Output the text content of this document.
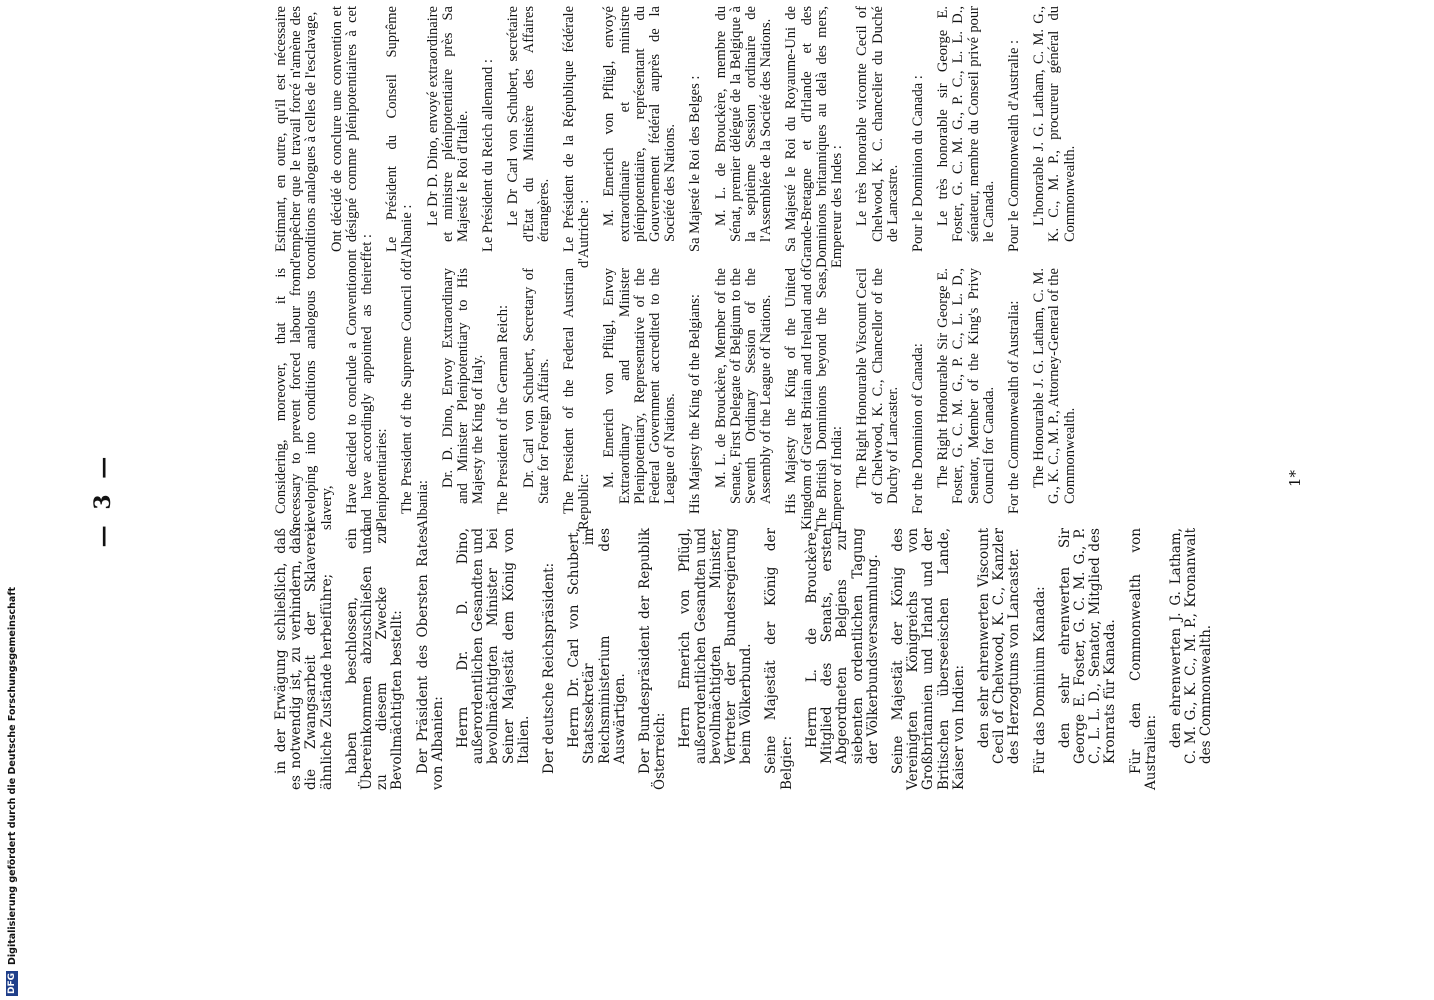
— 3 —

Estimant, en outre, qu'il est nécessaire d'empêcher que le travail forcé n'amène des conditions analogues à celles de l'esclavage, Ont décidé de conclure une convention et ont désigné comme plénipotentiaires à cet effet : Le Président du Conseil Suprême d'Albanie :

Le Dr D. Dino, envoyé extraordinaire et ministre plénipotentiaire près Sa Majesté le Roi d'Italie. Le Président du Reich allemand : Le Dr Carl von Schubert, secrétaire d'Etat du Ministère des Affaires étrangères. Le Président de la République fédérale d'Autriche :

M. Emerich von Pflügl, envoyé extraordinaire et ministre plénipotentiaire, représentant du Gouvernement fédéral auprès de la Société des Nations. Sa Majesté le Roi des Belges : M. L. de Brouckère, membre du Sénat, premier délégué de la Belgique à la septième Session ordinaire de l'Assemblée de la Société des Nations. Sa Majesté le Roi du Royaume-Uni de Grande-Bretagne et d'Irlande et des Dominions britanniques au delà des mers, Empereur des Indes : Le très honorable vicomte Cecil of Chelwood, K. C. chancelier du Duché de Lancastre. Pour le Dominion du Canada : Le très honorable sir George E. Foster, G. C. M. G., P. C., L. L. D., sénateur, membre du Conseil privé pour le Canada. Pour le Commonwealth d'Australie : L'honorable J. G. Latham, C. M. G., K. C., M. P., procureur général du Commonwealth.

Considering, moreover, that it is necessary to prevent forced labour from developing into conditions analogous to slavery, Have decided to conclude a Convention and have accordingly appointed as their Plenipotentiaries: The President of the Supreme Council of Albania:

Dr. D. Dino, Envoy Extraordinary and Minister Plenipotentiary to His Majesty the King of Italy. The President of the German Reich: Dr. Carl von Schubert, Secretary of State for Foreign Affairs. The President of the Federal Austrian Republic:

M. Emerich von Pflügl, Envoy Extraordinary and Minister Plenipotentiary, Representative of the Federal Government accredited to the League of Nations. His Majesty the King of the Belgians: M. L. de Brouckère, Member of the Senate, First Delegate of Belgium to the Seventh Ordinary Session of the Assembly of the League of Nations. His Majesty the King of the United Kingdom of Great Britain and Ireland and of The British Dominions beyond the Seas, Emperor of India: The Right Honourable Viscount Cecil of Chelwood, K. C., Chancellor of the Duchy of Lancaster. For the Dominion of Canada: The Right Honourable Sir George E. Foster, G. C. M. G., P. C., L. L. D., Senator, Member of the King's Privy Council for Canada. For the Commonwealth of Australia: The Honourable J. G. Latham, C. M. G., K. C., M. P., Attorney-General of the Commonwealth.

in der Erwägung schließlich, daß es notwendig ist, zu verhindern, daß die Zwangsarbeit der Sklaverei ähnliche Zustände herbeiführe; haben beschlossen, ein Übereinkommen abzuschließen und zu diesem Zwecke zu Bevollmächtigten bestellt: Der Präsident des Obersten Rates von Albanien: Herrn Dr. D. Dino, außerordentlichen Gesandten und bevollmächtigten Minister bei Seiner Majestät dem König von Italien. Der deutsche Reichspräsident: Herrn Dr. Carl von Schubert, Staatssekretär im Reichsministerium des Auswärtigen. Der Bundespräsident der Republik Österreich:

Herrn Emerich von Pflügl, außerordentlichen Gesandten und bevollmächtigten Minister, Vertreter der Bundesregierung beim Völkerbund. Seine Majestät der König der Belgier:

Herrn L. de Brouckère, Mitglied des Senats, ersten Abgeordneten Belgiens zur siebenten ordentlichen Tagung der Völkerbundsversammlung. Seine Majestät der König des Vereinigten Königreichs von Großbritannien und Irland und der Britischen überseeischen Lande, Kaiser von Indien: den sehr ehrenwerten Viscount Cecil of Chelwood, K. C., Kanzler des Herzogtums von Lancaster. Für das Dominium Kanada: den sehr ehrenwerten Sir George E. Foster, G. C. M. G., P. C., L. L. D., Senator, Mitglied des Kronrats für Kanada. Für den Commonwealth von Australien:

den ehrenwerten J. G. Latham, C. M. G., K. C., M. P., Kronanwalt des Commonwealth.

1*
DFG
Digitalisierung gefördert durch die Deutsche Forschungsgemeinschaft
